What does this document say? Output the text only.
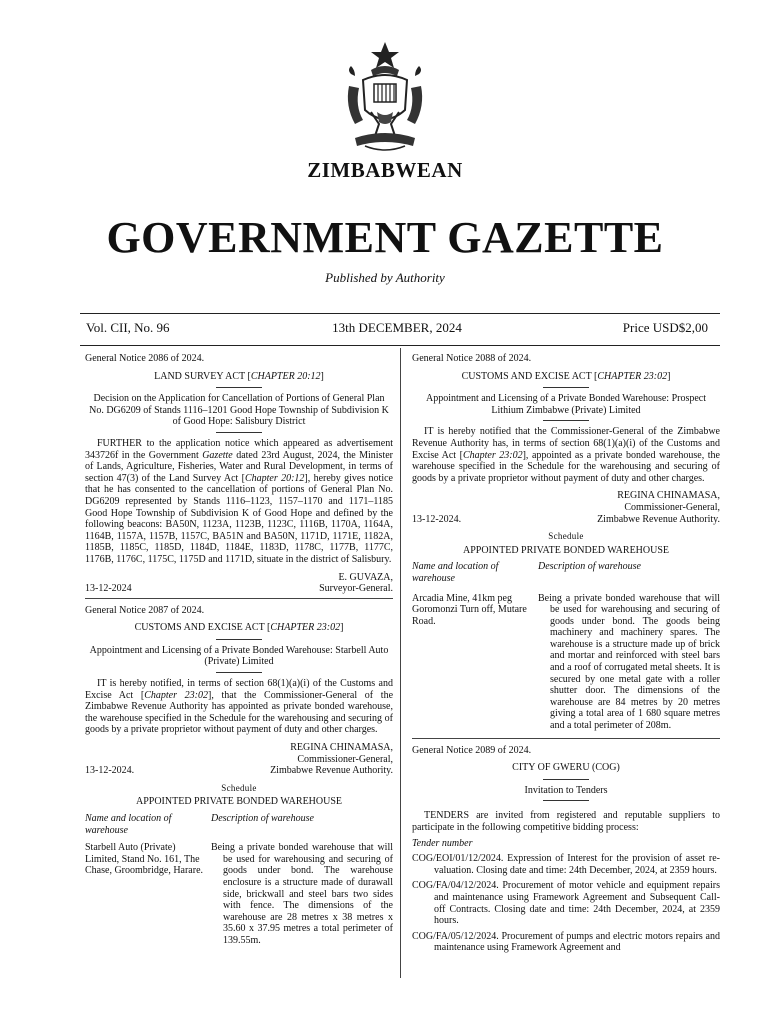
ZIMBABWEAN
GOVERNMENT GAZETTE
Published by Authority
Vol. CII, No. 96	13th DECEMBER, 2024	Price USD$2,00

General Notice 2086 of 2024.

LAND SURVEY ACT [CHAPTER 20:12]

Decision on the Application for Cancellation of Portions of General Plan No. DG6209 of Stands 1116–1201 Good Hope Township of Subdivision K of Good Hope: Salisbury District

FURTHER to the application notice which appeared as advertisement 343726f in the Government Gazette dated 23rd August, 2024, the Minister of Lands, Agriculture, Fisheries, Water and Rural Development, in terms of section 47(3) of the Land Survey Act [Chapter 20:12], hereby gives notice that he has consented to the cancellation of portions of General Plan No. DG6209 represented by Stands 1116–1123, 1157–1170 and 1171–1185 Good Hope Township of Subdivision K of Good Hope and defined by the following beacons: BA50N, 1123A, 1123B, 1123C, 1116B, 1170A, 1164A, 1164B, 1157A, 1157B, 1157C, BA51N and BA50N, 1171D, 1171E, 1182A, 1185B, 1185C, 1185D, 1184D, 1184E, 1183D, 1178C, 1177B, 1177C, 1176B, 1176C, 1175C, 1175D and 1171D, situate in the district of Salisbury.

E. GUVAZA,

13-12-2024	Surveyor-General.

General Notice 2087 of 2024.

CUSTOMS AND EXCISE ACT [CHAPTER 23:02]

Appointment and Licensing of a Private Bonded Warehouse: Starbell Auto (Private) Limited

IT is hereby notified, in terms of section 68(1)(a)(i) of the Customs and Excise Act [Chapter 23:02], that the Commissioner-General of the Zimbabwe Revenue Authority has appointed as private bonded warehouse, the warehouse specified in the Schedule for the warehousing and securing of goods by a private proprietor without payment of duty and other charges.

REGINA CHINAMASA,

Commissioner-General,

13-12-2024.	Zimbabwe Revenue Authority.

Schedule

APPOINTED PRIVATE BONDED WAREHOUSE

Name and location of warehouse
Description of warehouse
Starbell Auto (Private) Limited, Stand No. 161, The Chase, Groombridge, Harare.
Being a private bonded warehouse that will be used for warehousing and securing of goods under bond. The warehouse enclosure is a structure made of durawall side, brickwall and steel bars two sides with fence. The dimensions of the warehouse are 28 metres x 38 metres x 35.60 x 37.95 metres a total perimeter of 139.55m.

General Notice 2088 of 2024.

CUSTOMS AND EXCISE ACT [CHAPTER 23:02]

Appointment and Licensing of a Private Bonded Warehouse: Prospect Lithium Zimbabwe (Private) Limited

IT is hereby notified that the Commissioner-General of the Zimbabwe Revenue Authority has, in terms of section 68(1)(a)(i) of the Customs and Excise Act [Chapter 23:02], appointed as a private bonded warehouse, the warehouse specified in the Schedule for the warehousing and securing of goods by a private proprietor without payment of duty and other charges.

REGINA CHINAMASA,

Commissioner-General,

13-12-2024.	Zimbabwe Revenue Authority.

Schedule

APPOINTED PRIVATE BONDED WAREHOUSE

Name and location of warehouse
Description of warehouse
Arcadia Mine, 41km peg Goromonzi Turn off, Mutare Road.
Being a private bonded warehouse that will be used for warehousing and securing of goods under bond. The goods being machinery and machinery spares. The warehouse is a structure made up of brick and mortar and reinforced with steel bars and a roof of corrugated metal sheets. It is secured by one metal gate with a roller shutter door. The dimensions of the warehouse are 84 metres by 20 metres giving a total area of 1 680 square metres and a total perimeter of 208m.

General Notice 2089 of 2024.

CITY OF GWERU (COG)

Invitation to Tenders

TENDERS are invited from registered and reputable suppliers to participate in the following competitive bidding process:

Tender number

COG/EOI/01/12/2024. Expression of Interest for the provision of asset re-valuation. Closing date and time: 24th December, 2024, at 2359 hours.

COG/FA/04/12/2024. Procurement of motor vehicle and equipment repairs and maintenance using Framework Agreement and Subsequent Call-off Contracts. Closing date and time: 24th December, 2024, at 2359 hours.

COG/FA/05/12/2024. Procurement of pumps and electric motors repairs and maintenance using Framework Agreement and
